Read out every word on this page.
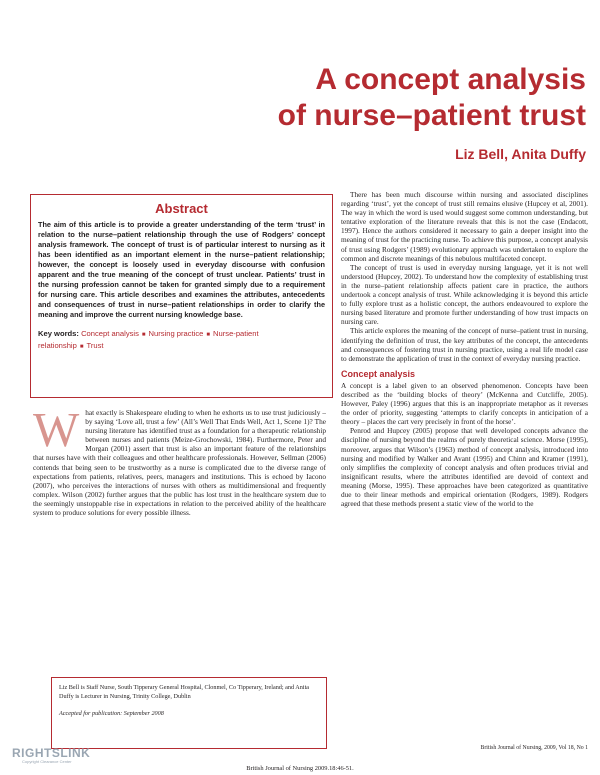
A concept analysis
of nurse–patient trust
Liz Bell, Anita Duffy
Abstract

The aim of this article is to provide a greater understanding of the term ‘trust’ in relation to the nurse–patient relationship through the use of Rodgers’ concept analysis framework. The concept of trust is of particular interest to nursing as it has been identified as an important element in the nurse–patient relationship; however, the concept is loosely used in everyday discourse with confusion apparent and the true meaning of the concept of trust unclear. Patients’ trust in the nursing profession cannot be taken for granted simply due to a requirement for nursing care. This article describes and examines the attributes, antecedents and consequences of trust in nurse–patient relationships in order to clarify the meaning and improve the current nursing knowledge base.

Key words: Concept analysis ■ Nursing practice ■ Nurse-patient relationship ■ Trust
W hat exactly is Shakespeare eluding to when he exhorts us to use trust judiciously – by saying ‘Love all, trust a few’ (All’s Well That Ends Well, Act 1, Scene 1)? The nursing literature has identified trust as a foundation for a therapeutic relationship between nurses and patients (Meize-Grochowski, 1984). Furthermore, Peter and Morgan (2001) assert that trust is also an important feature of the relationships that nurses have with their colleagues and other healthcare professionals. However, Sellman (2006) contends that being seen to be trustworthy as a nurse is complicated due to the diverse range of expectations from patients, relatives, peers, managers and institutions. This is echoed by Iacono (2007), who perceives the interactions of nurses with others as multidimensional and frequently complex. Wilson (2002) further argues that the public has lost trust in the healthcare system due to the seemingly unstoppable rise in expectations in relation to the perceived ability of the healthcare system to produce solutions for every possible illness.

Liz Bell is Staff Nurse, South Tipperary General Hospital, Clonmel, Co Tipperary, Ireland; and Anita Duffy is Lecturer in Nursing, Trinity College, Dublin
Accepted for publication: September 2008

There has been much discourse within nursing and associated disciplines regarding ‘trust’, yet the concept of trust still remains elusive (Hupcey et al, 2001). The way in which the word is used would suggest some common understanding, but tentative exploration of the literature reveals that this is not the case (Endacott, 1997). Hence the authors considered it necessary to gain a deeper insight into the meaning of trust for the practicing nurse. To achieve this purpose, a concept analysis of trust using Rodgers’ (1989) evolutionary approach was undertaken to explore the common and discrete meanings of this nebulous multifaceted concept.

The concept of trust is used in everyday nursing language, yet it is not well understood (Hupcey, 2002). To understand how the complexity of establishing trust in the nurse–patient relationship affects patient care in practice, the authors undertook a concept analysis of trust. While acknowledging it is beyond this article to fully explore trust as a holistic concept, the authors endeavoured to explore the nursing based literature and promote further understanding of how trust impacts on nursing care.

This article explores the meaning of the concept of nurse–patient trust in nursing, identifying the definition of trust, the key attributes of the concept, the antecedents and consequences of fostering trust in nursing practice, using a real life model case to demonstrate the application of trust in the context of everyday nursing practice.

Concept analysis

A concept is a label given to an observed phenomenon. Concepts have been described as the ‘building blocks of theory’ (McKenna and Cutcliffe, 2005). However, Paley (1996) argues that this is an inappropriate metaphor as it reverses the order of priority, suggesting ‘attempts to clarify concepts in anticipation of a theory – places the cart very precisely in front of the horse’.

Penrod and Hupcey (2005) propose that well developed concepts advance the discipline of nursing beyond the realms of purely theoretical science. Morse (1995), moreover, argues that Wilson’s (1963) method of concept analysis, introduced into nursing and modified by Walker and Avant (1995) and Chinn and Kramer (1991), only simplifies the complexity of concept analysis and often produces trivial and insignificant results, where the attributes identified are devoid of context and meaning (Morse, 1995). These approaches have been categorized as quantitative due to their linear methods and empirical orientation (Rodgers, 1989). Rodgers agreed that these methods present a static view of the world to the

RIGHTSLINK
Copyright Clearance Center
British Journal of Nursing, 2009, Vol 18, No 1
British Journal of Nursing 2009.18:46-51.
